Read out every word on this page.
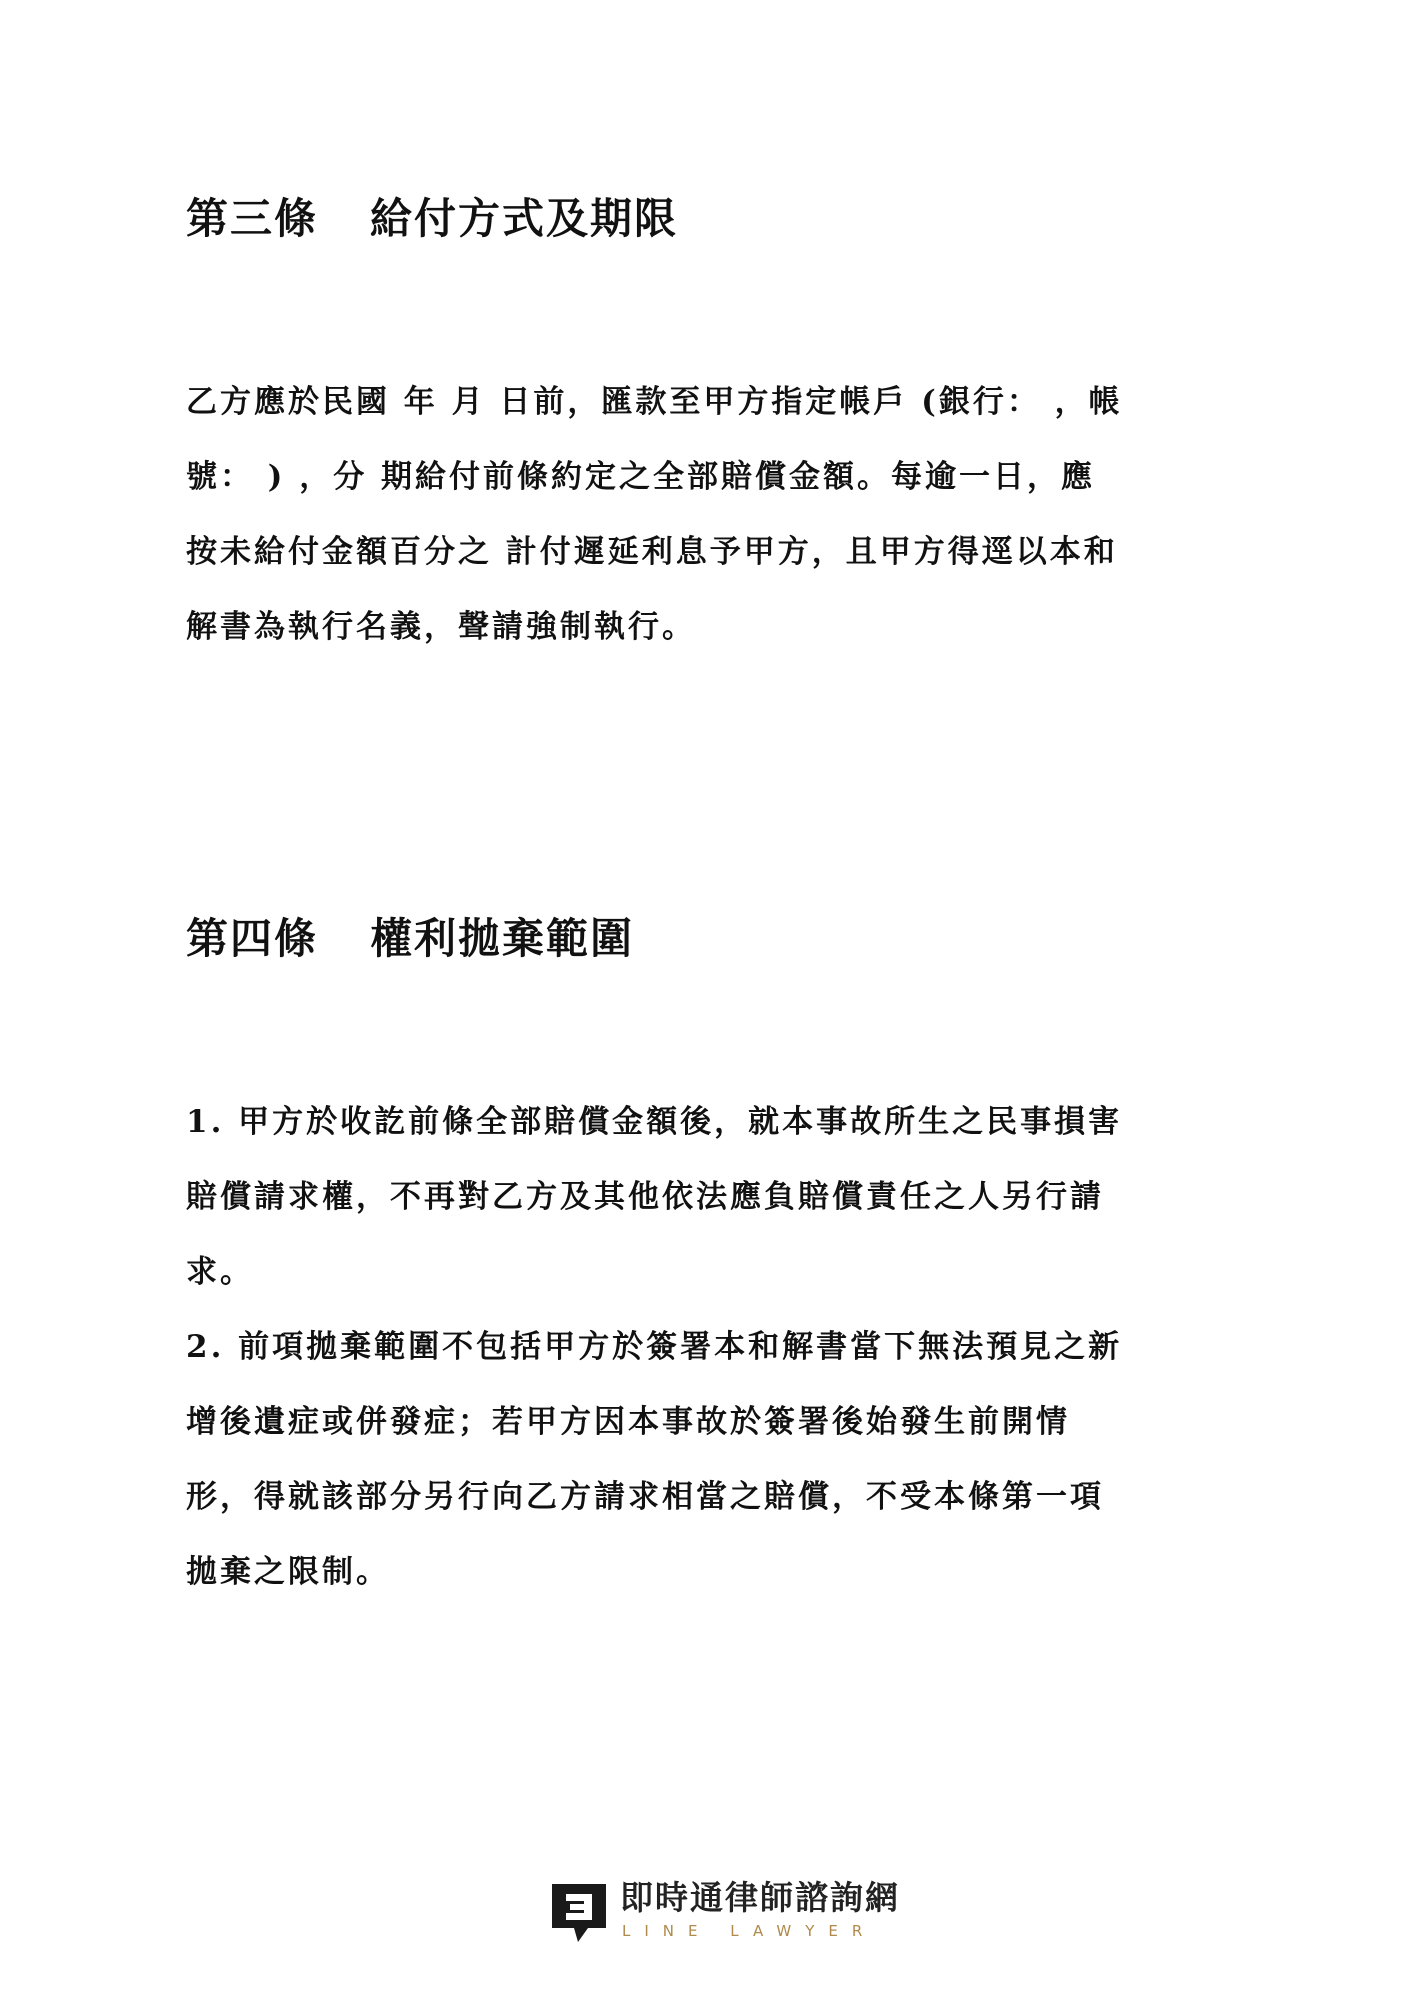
第三條 給付方式及期限
乙方應於民國 年 月 日前，匯款至甲方指定帳戶 (銀行： ，帳
號： ) ，分 期給付前條約定之全部賠償金額。每逾一日，應
按未給付金額百分之 計付遲延利息予甲方，且甲方得逕以本和
解書為執行名義，聲請強制執行。
第四條 權利拋棄範圍
1. 甲方於收訖前條全部賠償金額後，就本事故所生之民事損害
賠償請求權，不再對乙方及其他依法應負賠償責任之人另行請
求。
2. 前項拋棄範圍不包括甲方於簽署本和解書當下無法預見之新
增後遺症或併發症；若甲方因本事故於簽署後始發生前開情
形，得就該部分另行向乙方請求相當之賠償，不受本條第一項
拋棄之限制。
即時通律師諮詢網
LINE LAWYER
